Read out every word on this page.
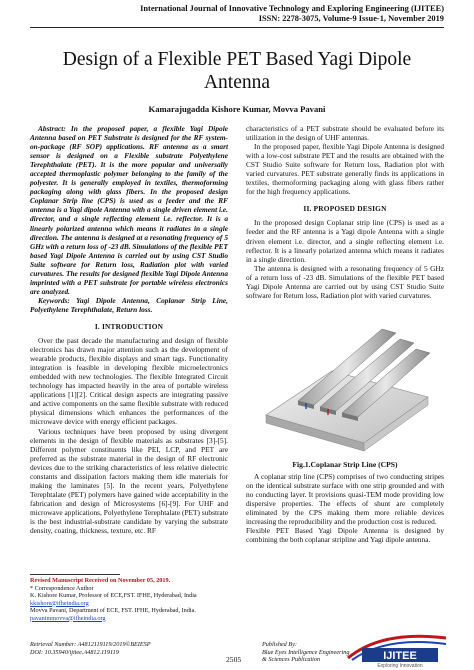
International Journal of Innovative Technology and Exploring Engineering (IJITEE)
ISSN: 2278-3075, Volume-9 Issue-1, November 2019
Design of a Flexible PET Based Yagi Dipole Antenna
Kamarajugadda Kishore Kumar, Movva Pavani

Abstract: In the proposed paper, a flexible Yagi Dipole Antenna based on PET Substrate is designed for the RF system-on-package (RF SOP) applications. RF antenna as a smart sensor is designed on a Flexible substrate Polyethylene Terephthalate (PET). It is the more popular and universally accepted thermoplastic polymer belonging to the family of the polyester. It is generally employed in textiles, thermoforming packaging along with glass fibers. In the proposed design Coplanar Strip line (CPS) is used as a feeder and the RF antenna is a Yagi dipole Antenna with a single driven element i.e. director, and a single reflecting element i.e. reflector. It is a linearly polarized antenna which means it radiates in a single direction. The antenna is designed at a resonating frequency of 5 GHz with a return loss of -23 dB. Simulations of the flexible PET based Yagi Dipole Antenna is carried out by using CST Studio Suite software for Return loss, Radiation plot with varied curvatures. The results for designed flexible Yagi Dipole Antenna imprinted with a PET substrate for portable wireless electronics are analyzed.

Keywords: Yagi Dipole Antenna, Coplanar Strip Line, Polyethylene Terephthalate, Return loss.

I. INTRODUCTION

Over the past decade the manufacturing and design of flexible electronics has drawn major attention such as the development of wearable products, flexible displays and smart tags. Functionality integration is feasible in developing flexible microelectronics embedded with new technologies. The flexible Integrated Circuit technology has impacted heavily in the area of portable wireless applications [1][2]. Critical design aspects are integrating passive and active components on the same flexible substrate with reduced physical dimensions which enhances the performances of the microwave device with energy efficient packages.

Various techniques have been proposed by using divergent elements in the design of flexible materials as substrates [3]-[5]. Different polymer constituents like PEI, LCP, and PET are preferred as the substrate material in the design of RF electronic devices due to the striking characteristics of less relative dielectric constants and dissipation factors making them idle materials for making the laminates [5]. In the recent years, Polyethylene Terephtalate (PET) polymers have gained wide acceptability in the fabrication and design of Microsystems [6]-[9]. For UHF and microwave applications, Polyethylene Terephtalate (PET) substrate is the best industrial-substrate candidate by varying the substrate density, coating, thickness, texture, etc. RF

characteristics of a PET substrate should be evaluated before its utilization in the design of UHF antennas.

In the proposed paper, flexible Yagi Dipole Antenna is designed with a low-cost substrate PET and the results are obtained with the CST Studio Suite software for Return loss, Radiation plot with varied curvatures. PET substrate generally finds its applications in textiles, thermoforming packaging along with glass fibers rather for the high frequency applications.

II. PROPOSED DESIGN

In the proposed design Coplanar strip line (CPS) is used as a feeder and the RF antenna is a Yagi dipole Antenna with a single driven element i.e. director, and a single reflecting element i.e. reflector. It is a linearly polarized antenna which means it radiates in a single direction.

The antenna is designed with a resonating frequency of 5 GHz of a return loss of -23 dB. Simulations of the flexible PET based Yagi Dipole Antenna are carried out by using CST Studio Suite software for Return loss, Radiation plot with varied curvatures.

Fig.1.Coplanar Strip Line (CPS)

A coplanar strip line (CPS) comprises of two conducting stripes on the identical substrate surface with one strip grounded and with no conducting layer. It provisions quasi-TEM mode providing low dispersive properties. The effects of shunt are completely eliminated by the CPS making them more reliable devices increasing the reproducibility and the production cost is reduced.

Flexible PET Based Yagi Dipole Antenna is designed by combining the both coplanar stripline and Yagi dipole antenna.

Revised Manuscript Received on November 05, 2019.
* Correspondence Author
K. Kishore Kumar, Professor of ECE,FST. IFHE, Hyderabad, India
kkishore@ifheindia.org
Movva Pavani, Department of ECE, FST. IFHE, Hyderabad, India.
pavanimmovva@ifheindia.org
Retrieval Number: A4812119119/2019©BEIESP
DOI: 10.35940/ijitee.A4812.119119
2505
Published By:
Blue Eyes Intelligence Engineering
& Sciences Publication	IJITEE
Exploring Innovation
